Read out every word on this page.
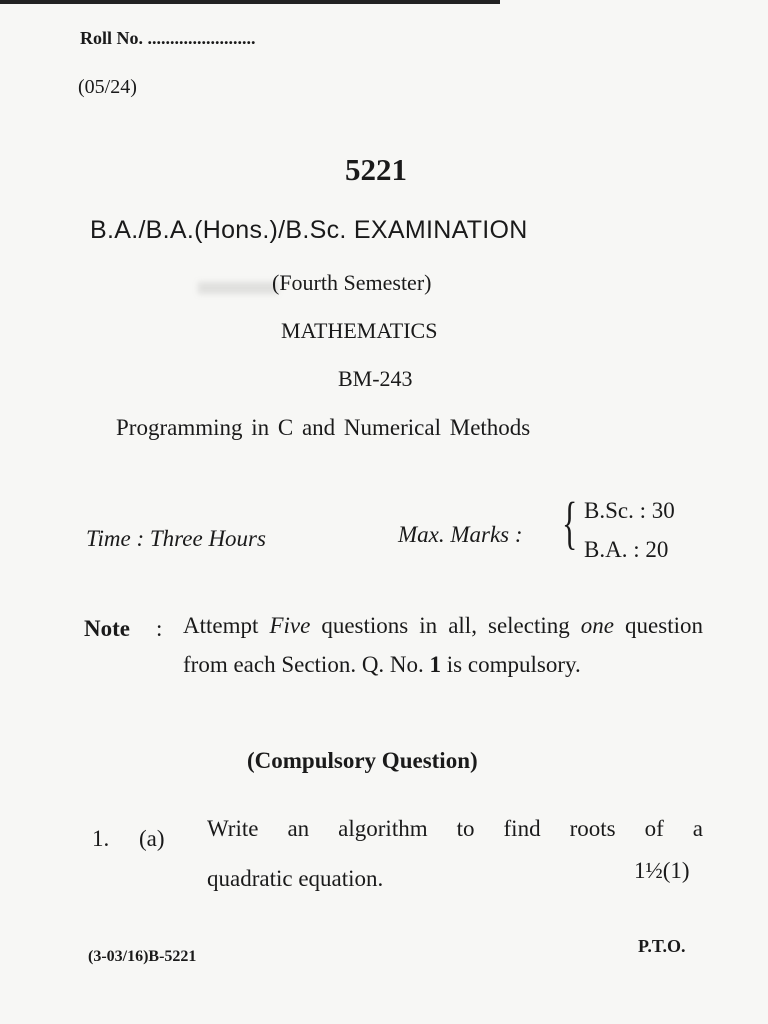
Roll No. ........................
(05/24)
5221
B.A./B.A.(Hons.)/B.Sc. EXAMINATION
(Fourth Semester)
MATHEMATICS
BM-243
Programming in C and Numerical Methods
Time : Three Hours	Max. Marks : { B.Sc. : 30
B.A. : 20
Note : Attempt Five questions in all, selecting one question from each Section. Q. No. 1 is compulsory.
(Compulsory Question)
1. (a) Write an algorithm to find roots of a
quadratic equation.	1½(1)
(3-03/16)B-5221
P.T.O.
